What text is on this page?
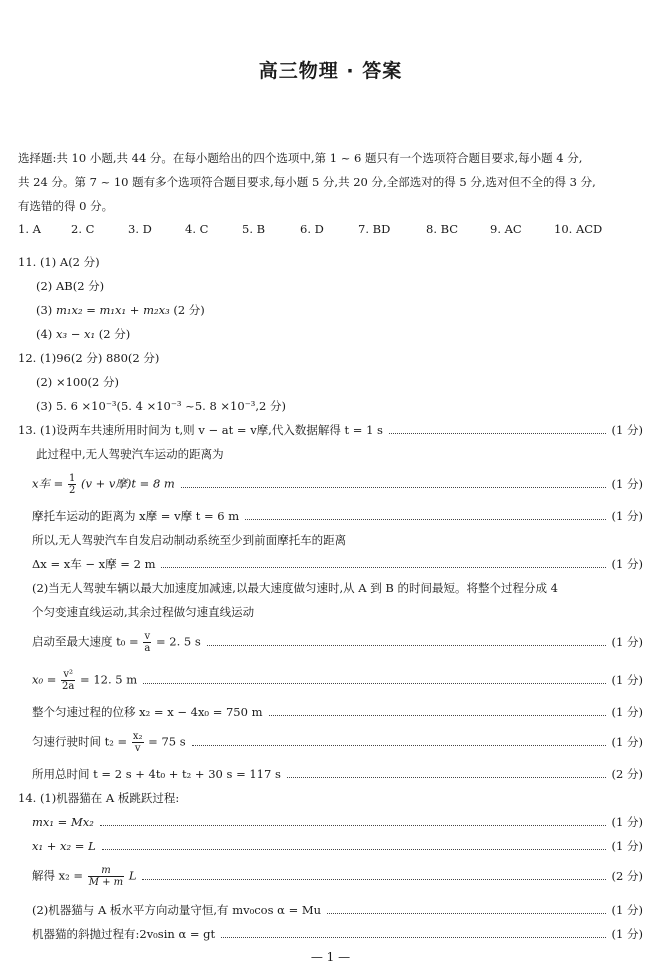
高三物理 · 答案
选择题:共 10 小题,共 44 分。在每小题给出的四个选项中,第 1 ~ 6 题只有一个选项符合题目要求,每小题 4 分,
共 24 分。第 7 ~ 10 题有多个选项符合题目要求,每小题 5 分,共 20 分,全部选对的得 5 分,选对但不全的得 3 分,
有选错的得 0 分。
1. A	2. C	3. D	4. C	5. B	6. D	7. BD	8. BC	9. AC	10. ACD
11. (1) A(2 分)
(2) AB(2 分)
(3) m₁x₂ = m₁x₁ + m₂x₃ (2 分)
(4) x₃ − x₁ (2 分)
12. (1)96(2 分) 880(2 分)
(2) ×100(2 分)
(3) 5. 6 ×10⁻³(5. 4 ×10⁻³ ~5. 8 ×10⁻³,2 分)
13. (1)设两车共速所用时间为 t,则 v − at = v摩,代入数据解得 t = 1 s	(1 分)
此过程中,无人驾驶汽车运动的距离为
x车 = $\frac{1}{2} (v + v$摩)t = 8 m	(1 分)
摩托车运动的距离为 x摩 = v摩 t = 6 m	(1 分)
所以,无人驾驶汽车自发启动制动系统至少到前面摩托车的距离
Δx = x车 − x摩 = 2 m	(1 分)
(2)当无人驾驶车辆以最大加速度加减速,以最大速度做匀速时,从 A 到 B 的时间最短。将整个过程分成 4
个匀变速直线运动,其余过程做匀速直线运动
启动至最大速度 $t_0 = \frac{v}{a} = 2$. 5 s	(1 分)
$x_0 = \frac{\text{v²}}{2a} = 12$. 5 m	(1 分)
整个匀速过程的位移 x₂ = x − 4x₀ = 750 m	(1 分)
匀速行驶时间 $t_2 = \frac{\text{x₂}}{v} = 75$ s	(1 分)
所用总时间 t = 2 s + 4t₀ + t₂ + 30 s = 117 s	(2 分)
14. (1)机器猫在 A 板跳跃过程:
mx₁ = Mx₂	(1 分)
x₁ + x₂ = L	(1 分)
解得 $x_2 = \frac{m}{M + m}$ L	(2 分)
(2)机器猫与 A 板水平方向动量守恒,有 mv₀cos α = Mu	(1 分)
机器猫的斜抛过程有:2v₀sin α = gt	(1 分)
— 1 —
